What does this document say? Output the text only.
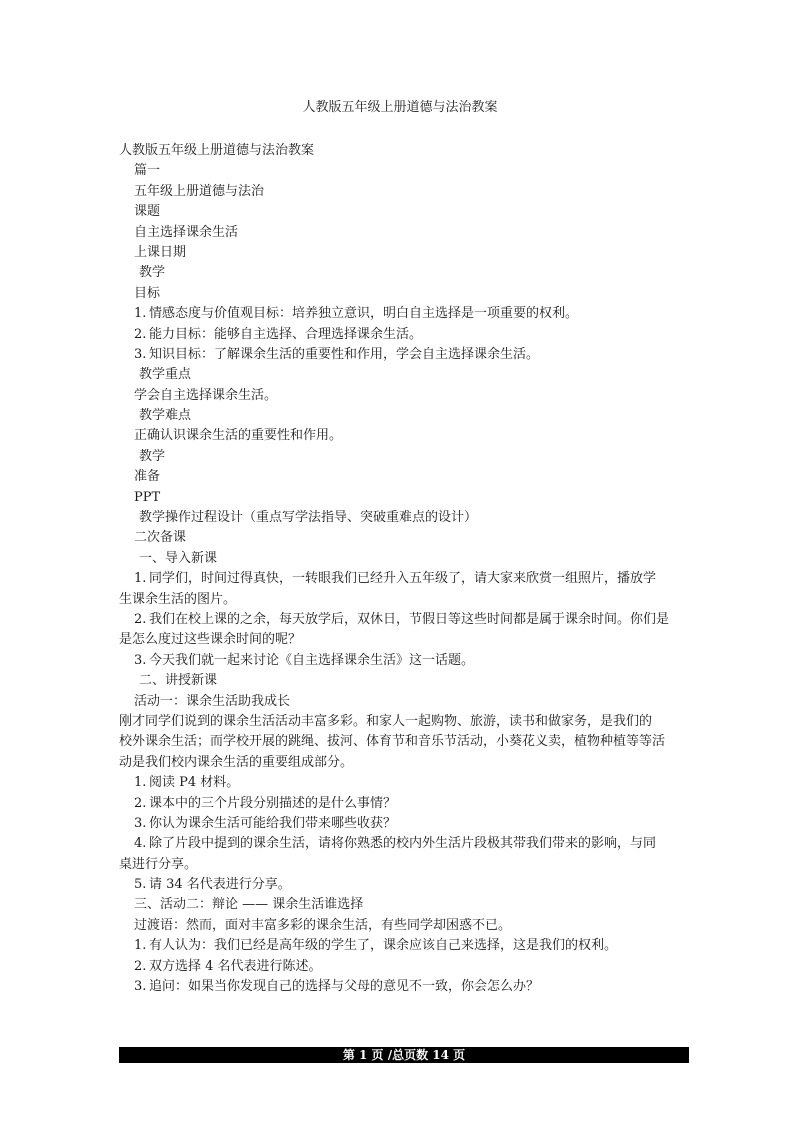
人教版五年级上册道德与法治教案
人教版五年级上册道德与法治教案
篇一
五年级上册道德与法治
课题
自主选择课余生活
上课日期
教学
目标
1. 情感态度与价值观目标：培养独立意识，明白自主选择是一项重要的权利。
2. 能力目标：能够自主选择、合理选择课余生活。
3. 知识目标：了解课余生活的重要性和作用，学会自主选择课余生活。
教学重点
学会自主选择课余生活。
教学难点
正确认识课余生活的重要性和作用。
教学
准备
PPT
教学操作过程设计（重点写学法指导、突破重难点的设计）
二次备课
一、导入新课
1. 同学们，时间过得真快，一转眼我们已经升入五年级了，请大家来欣赏一组照片，播放学
生课余生活的图片。
2. 我们在校上课的之余，每天放学后，双休日，节假日等这些时间都是属于课余时间。你们是
是怎么度过这些课余时间的呢？
3. 今天我们就一起来讨论《自主选择课余生活》这一话题。
二、讲授新课
活动一：课余生活助我成长
刚才同学们说到的课余生活活动丰富多彩。和家人一起购物、旅游，读书和做家务，是我们的
校外课余生活；而学校开展的跳绳、拔河、体育节和音乐节活动，小葵花义卖，植物种植等等活
动是我们校内课余生活的重要组成部分。
1. 阅读 P4 材料。
2. 课本中的三个片段分别描述的是什么事情？
3. 你认为课余生活可能给我们带来哪些收获？
4. 除了片段中提到的课余生活，请将你熟悉的校内外生活片段极其带我们带来的影响，与同
桌进行分享。
5. 请 34 名代表进行分享。
三、活动二：辩论 —— 课余生活谁选择
过渡语：然而，面对丰富多彩的课余生活，有些同学却困惑不已。
1. 有人认为：我们已经是高年级的学生了，课余应该自己来选择，这是我们的权利。
2. 双方选择 4 名代表进行陈述。
3. 追问：如果当你发现自己的选择与父母的意见不一致，你会怎么办？
第 1 页 /总页数 14 页
